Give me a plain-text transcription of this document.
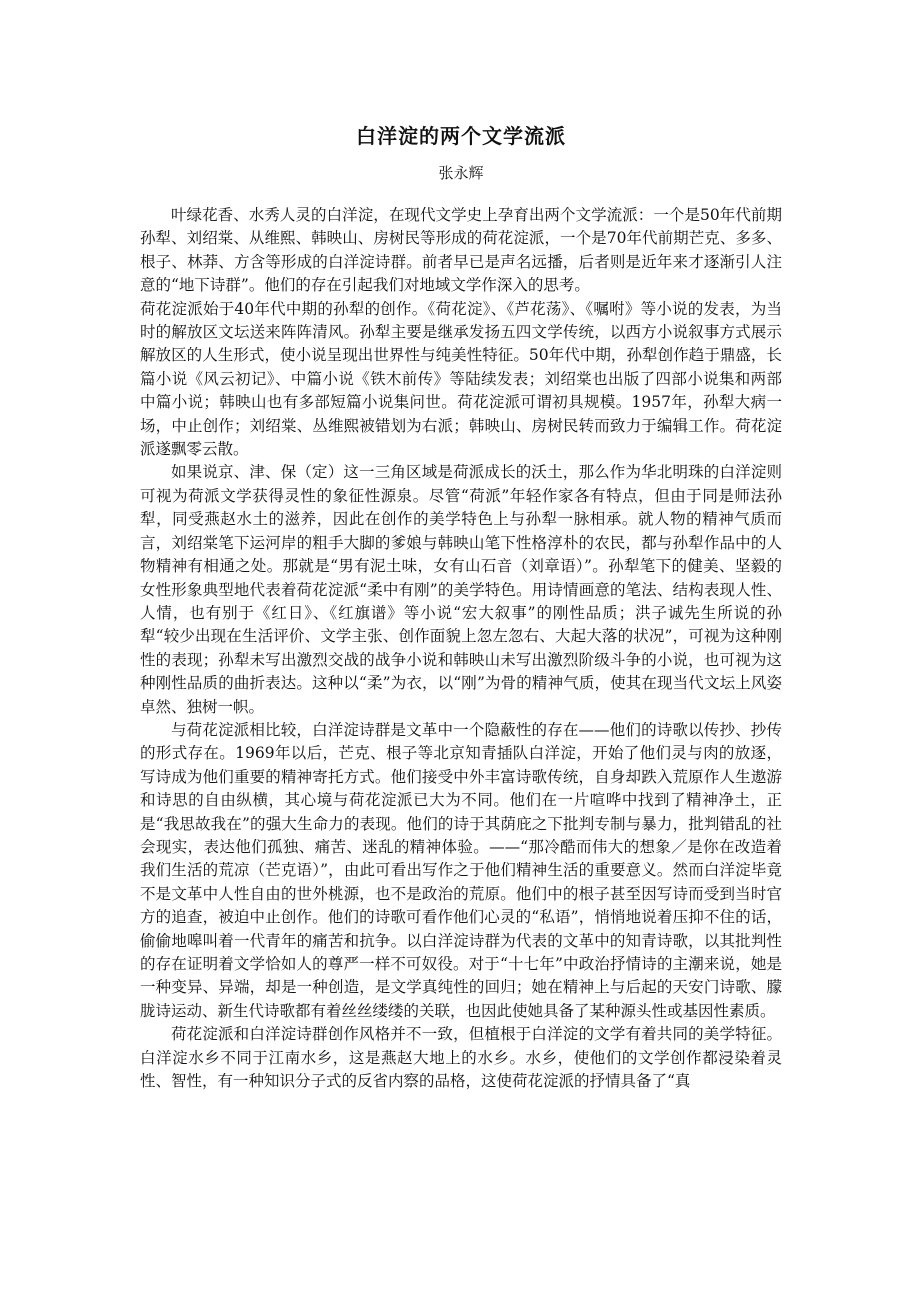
白洋淀的两个文学流派
张永辉

叶绿花香、水秀人灵的白洋淀，在现代文学史上孕育出两个文学流派：一个是50年代前期孙犁、刘绍棠、从维熙、韩映山、房树民等形成的荷花淀派，一个是70年代前期芒克、多多、根子、林莽、方含等形成的白洋淀诗群。前者早已是声名远播，后者则是近年来才逐渐引人注意的“地下诗群”。他们的存在引起我们对地域文学作深入的思考。

荷花淀派始于40年代中期的孙犁的创作。《荷花淀》、《芦花荡》、《嘱咐》等小说的发表，为当时的解放区文坛送来阵阵清风。孙犁主要是继承发扬五四文学传统，以西方小说叙事方式展示解放区的人生形式，使小说呈现出世界性与纯美性特征。50年代中期，孙犁创作趋于鼎盛，长篇小说《风云初记》、中篇小说《铁木前传》等陆续发表；刘绍棠也出版了四部小说集和两部中篇小说；韩映山也有多部短篇小说集问世。荷花淀派可谓初具规模。1957年，孙犁大病一场，中止创作；刘绍棠、丛维熙被错划为右派；韩映山、房树民转而致力于编辑工作。荷花淀派遂飘零云散。

如果说京、津、保（定）这一三角区域是荷派成长的沃土，那么作为华北明珠的白洋淀则可视为荷派文学获得灵性的象征性源泉。尽管“荷派”年轻作家各有特点，但由于同是师法孙犁，同受燕赵水土的滋养，因此在创作的美学特色上与孙犁一脉相承。就人物的精神气质而言，刘绍棠笔下运河岸的粗手大脚的爹娘与韩映山笔下性格淳朴的农民，都与孙犁作品中的人物精神有相通之处。那就是“男有泥土味，女有山石音（刘章语）”。孙犁笔下的健美、坚毅的女性形象典型地代表着荷花淀派“柔中有刚”的美学特色。用诗情画意的笔法、结构表现人性、人情，也有别于《红日》、《红旗谱》等小说“宏大叙事”的刚性品质；洪子诚先生所说的孙犁“较少出现在生活评价、文学主张、创作面貌上忽左忽右、大起大落的状况”，可视为这种刚性的表现；孙犁未写出激烈交战的战争小说和韩映山未写出激烈阶级斗争的小说，也可视为这种刚性品质的曲折表达。这种以“柔”为衣，以“刚”为骨的精神气质，使其在现当代文坛上风姿卓然、独树一帜。

与荷花淀派相比较，白洋淀诗群是文革中一个隐蔽性的存在——他们的诗歌以传抄、抄传的形式存在。1969年以后，芒克、根子等北京知青插队白洋淀，开始了他们灵与肉的放逐，写诗成为他们重要的精神寄托方式。他们接受中外丰富诗歌传统，自身却跌入荒原作人生遨游和诗思的自由纵横，其心境与荷花淀派已大为不同。他们在一片喧哗中找到了精神净土，正是“我思故我在”的强大生命力的表现。他们的诗于其荫庇之下批判专制与暴力，批判错乱的社会现实，表达他们孤独、痛苦、迷乱的精神体验。——“那冷酷而伟大的想象／是你在改造着我们生活的荒凉（芒克语）”，由此可看出写作之于他们精神生活的重要意义。然而白洋淀毕竟不是文革中人性自由的世外桃源，也不是政治的荒原。他们中的根子甚至因写诗而受到当时官方的追查，被迫中止创作。他们的诗歌可看作他们心灵的“私语”，悄悄地说着压抑不住的话，偷偷地嗥叫着一代青年的痛苦和抗争。以白洋淀诗群为代表的文革中的知青诗歌，以其批判性的存在证明着文学恰如人的尊严一样不可奴役。对于“十七年”中政治抒情诗的主潮来说，她是一种变异、异端，却是一种创造，是文学真纯性的回归；她在精神上与后起的天安门诗歌、朦胧诗运动、新生代诗歌都有着丝丝缕缕的关联，也因此使她具备了某种源头性或基因性素质。

荷花淀派和白洋淀诗群创作风格并不一致，但植根于白洋淀的文学有着共同的美学特征。白洋淀水乡不同于江南水乡，这是燕赵大地上的水乡。水乡，使他们的文学创作都浸染着灵性、智性，有一种知识分子式的反省内察的品格，这使荷花淀派的抒情具备了“真
